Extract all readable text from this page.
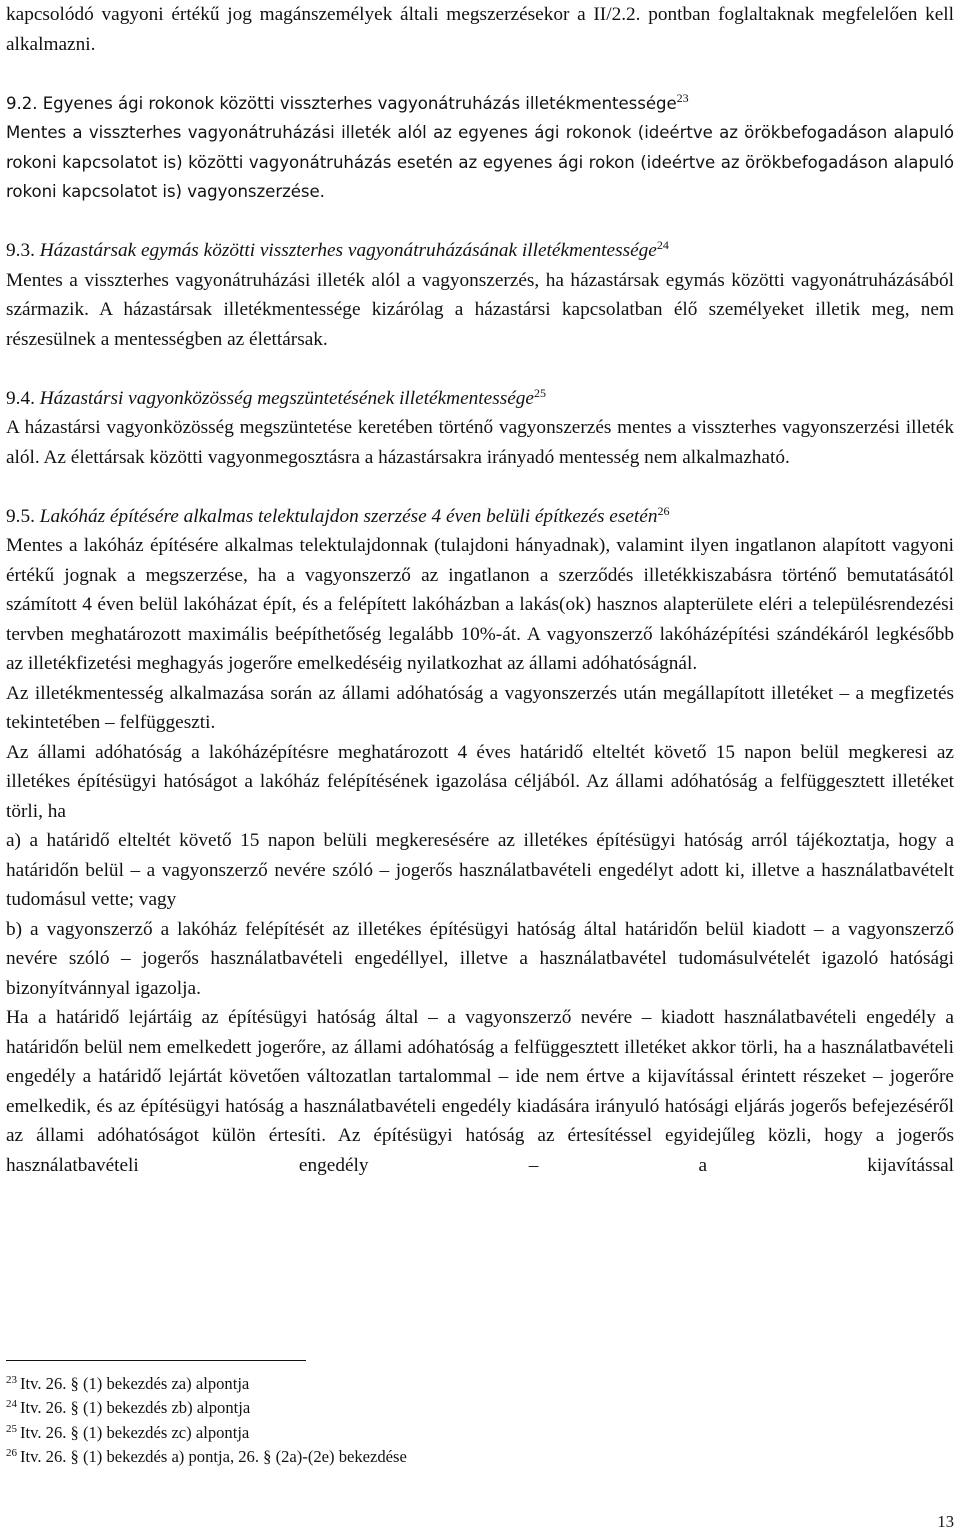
kapcsolódó vagyoni értékű jog magánszemélyek általi megszerzésekor a II/2.2. pontban foglaltaknak megfelelően kell alkalmazni.

9.2. Egyenes ági rokonok közötti visszterhes vagyonátruházás illetékmentessége$^{23}$

Mentes a visszterhes vagyonátruházási illeték alól az egyenes ági rokonok (ideértve az örökbefogadáson alapuló rokoni kapcsolatot is) közötti vagyonátruházás esetén az egyenes ági rokon (ideértve az örökbefogadáson alapuló rokoni kapcsolatot is) vagyonszerzése.

9.3. Házastársak egymás közötti visszterhes vagyonátruházásának illetékmentessége$^{24}$

Mentes a visszterhes vagyonátruházási illeték alól a vagyonszerzés, ha házastársak egymás közötti vagyonátruházásából származik. A házastársak illetékmentessége kizárólag a házastársi kapcsolatban élő személyeket illetik meg, nem részesülnek a mentességben az élettársak.

9.4. Házastársi vagyonközösség megszüntetésének illetékmentessége$^{25}$

A házastársi vagyonközösség megszüntetése keretében történő vagyonszerzés mentes a visszterhes vagyonszerzési illeték alól. Az élettársak közötti vagyonmegosztásra a házastársakra irányadó mentesség nem alkalmazható.

9.5. Lakóház építésére alkalmas telektulajdon szerzése 4 éven belüli építkezés esetén$^{26}$

Mentes a lakóház építésére alkalmas telektulajdonnak (tulajdoni hányadnak), valamint ilyen ingatlanon alapított vagyoni értékű jognak a megszerzése, ha a vagyonszerző az ingatlanon a szerződés illetékkiszabásra történő bemutatásától számított 4 éven belül lakóházat épít, és a felépített lakóházban a lakás(ok) hasznos alapterülete eléri a településrendezési tervben meghatározott maximális beépíthetőség legalább 10%-át. A vagyonszerző lakóházépítési szándékáról legkésőbb az illetékfizetési meghagyás jogerőre emelkedéséig nyilatkozhat az állami adóhatóságnál.

Az illetékmentesség alkalmazása során az állami adóhatóság a vagyonszerzés után megállapított illetéket – a megfizetés tekintetében – felfüggeszti.

Az állami adóhatóság a lakóházépítésre meghatározott 4 éves határidő elteltét követő 15 napon belül megkeresi az illetékes építésügyi hatóságot a lakóház felépítésének igazolása céljából. Az állami adóhatóság a felfüggesztett illetéket törli, ha

a) a határidő elteltét követő 15 napon belüli megkeresésére az illetékes építésügyi hatóság arról tájékoztatja, hogy a határidőn belül – a vagyonszerző nevére szóló – jogerős használatbavételi engedélyt adott ki, illetve a használatbavételt tudomásul vette; vagy

b) a vagyonszerző a lakóház felépítését az illetékes építésügyi hatóság által határidőn belül kiadott – a vagyonszerző nevére szóló – jogerős használatbavételi engedéllyel, illetve a használatbavétel tudomásulvételét igazoló hatósági bizonyítvánnyal igazolja.

Ha a határidő lejártáig az építésügyi hatóság által – a vagyonszerző nevére – kiadott használatbavételi engedély a határidőn belül nem emelkedett jogerőre, az állami adóhatóság a felfüggesztett illetéket akkor törli, ha a használatbavételi engedély a határidő lejártát követően változatlan tartalommal – ide nem értve a kijavítással érintett részeket – jogerőre emelkedik, és az építésügyi hatóság a használatbavételi engedély kiadására irányuló hatósági eljárás jogerős befejezéséről az állami adóhatóságot külön értesíti. Az építésügyi hatóság az értesítéssel egyidejűleg közli, hogy a jogerős használatbavételi engedély – a kijavítással

$^{23}$ Itv. 26. § (1) bekezdés za) alpontja
$^{24}$ Itv. 26. § (1) bekezdés zb) alpontja
$^{25}$ Itv. 26. § (1) bekezdés zc) alpontja
$^{26}$ Itv. 26. § (1) bekezdés a) pontja, 26. § (2a)-(2e) bekezdése
13
